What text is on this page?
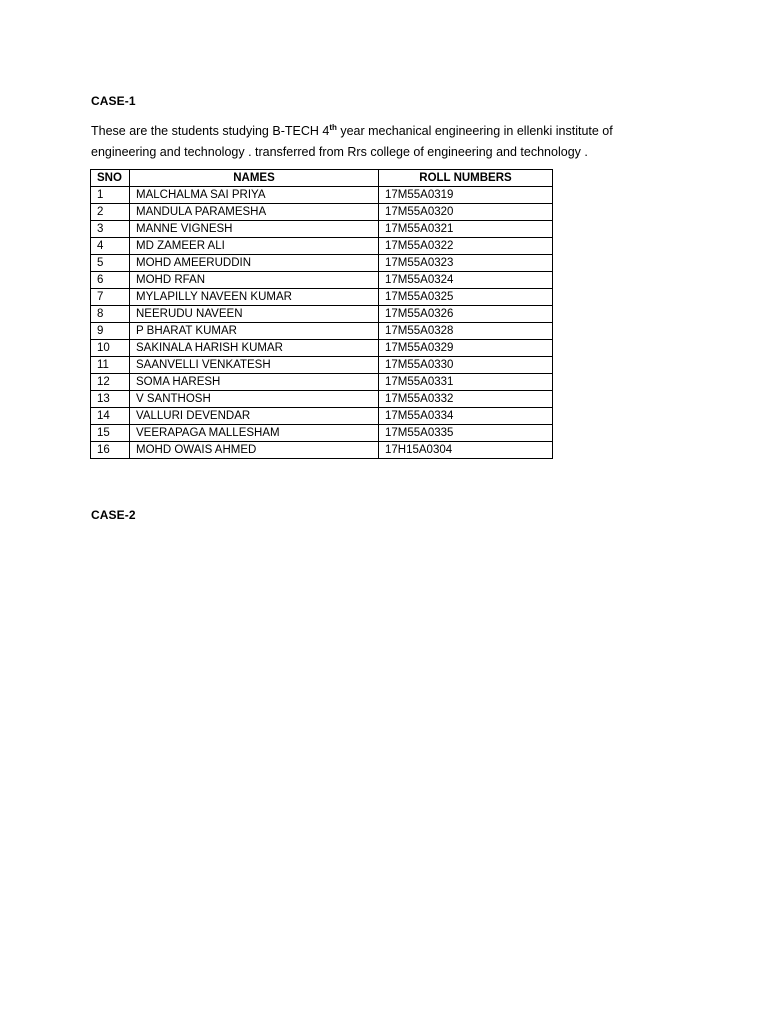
CASE-1
These are the students studying B-TECH 4th year mechanical engineering in ellenki institute of
engineering and technology . transferred from Rrs college of engineering and technology .
SNO	NAMES	ROLL NUMBERS
1	MALCHALMA SAI PRIYA	17M55A0319
2	MANDULA PARAMESHA	17M55A0320
3	MANNE VIGNESH	17M55A0321
4	MD ZAMEER ALI	17M55A0322
5	MOHD AMEERUDDIN	17M55A0323
6	MOHD RFAN	17M55A0324
7	MYLAPILLY NAVEEN KUMAR	17M55A0325
8	NEERUDU NAVEEN	17M55A0326
9	P BHARAT KUMAR	17M55A0328
10	SAKINALA HARISH KUMAR	17M55A0329
11	SAANVELLI VENKATESH	17M55A0330
12	SOMA HARESH	17M55A0331
13	V SANTHOSH	17M55A0332
14	VALLURI DEVENDAR	17M55A0334
15	VEERAPAGA MALLESHAM	17M55A0335
16	MOHD OWAIS AHMED	17H15A0304
CASE-2
